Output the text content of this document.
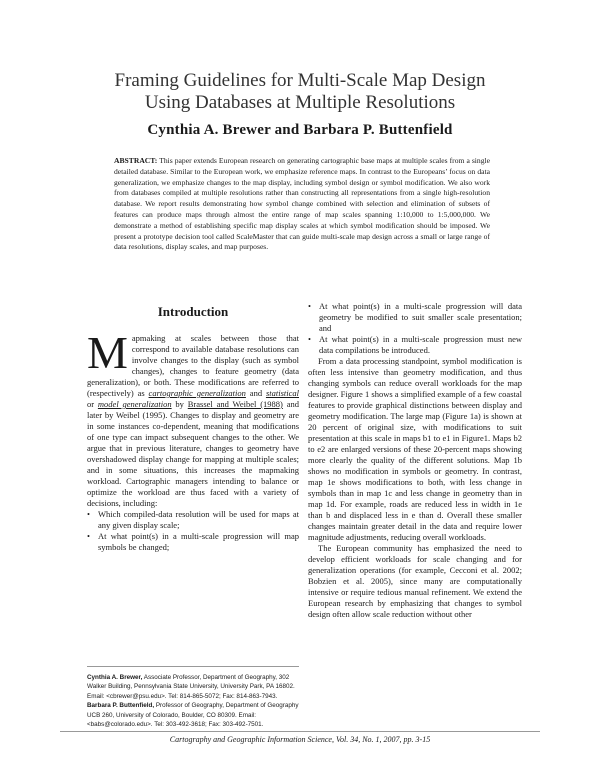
Framing Guidelines for Multi-Scale Map Design
Using Databases at Multiple Resolutions
Cynthia A. Brewer and Barbara P. Buttenfield
ABSTRACT: This paper extends European research on generating cartographic base maps at multiple scales from a single detailed database. Similar to the European work, we emphasize reference maps. In contrast to the Europeans’ focus on data generalization, we emphasize changes to the map display, including symbol design or symbol modification. We also work from databases compiled at multiple resolutions rather than constructing all representations from a single high-resolution database. We report results demonstrating how symbol change combined with selection and elimination of subsets of features can produce maps through almost the entire range of map scales spanning 1:10,000 to 1:5,000,000. We demonstrate a method of establishing specific map display scales at which symbol modification should be imposed. We present a prototype decision tool called ScaleMaster that can guide multi-scale map design across a small or large range of data resolutions, display scales, and map purposes.
Introduction
Mapmaking at scales between those that correspond to available database resolutions can involve changes to the display (such as symbol changes), changes to feature geometry (data generalization), or both. These modifications are referred to (respectively) as cartographic generalization and statistical or model generalization by Brassel and Weibel (1988) and later by Weibel (1995). Changes to display and geometry are in some instances co-dependent, meaning that modifications of one type can impact subsequent changes to the other. We argue that in previous literature, changes to geometry have overshadowed display change for mapping at multiple scales; and in some situations, this increases the mapmaking workload. Cartographic managers intending to balance or optimize the workload are thus faced with a variety of decisions, including:
• Which compiled-data resolution will be used for maps at any given display scale;
• At what point(s) in a multi-scale progression will map symbols be changed;
• At what point(s) in a multi-scale progression will data geometry be modified to suit smaller scale presentation; and
• At what point(s) in a multi-scale progression must new data compilations be introduced.

From a data processing standpoint, symbol modification is often less intensive than geometry modification, and thus changing symbols can reduce overall workloads for the map designer. Figure 1 shows a simplified example of a few coastal features to provide graphical distinctions between display and geometry modification. The large map (Figure 1a) is shown at 20 percent of original size, with modifications to suit presentation at this scale in maps b1 to e1 in Figure1. Maps b2 to e2 are enlarged versions of these 20-percent maps showing more clearly the quality of the different solutions. Map 1b shows no modification in symbols or geometry. In contrast, map 1e shows modifications to both, with less change in symbols than in map 1c and less change in geometry than in map 1d. For example, roads are reduced less in width in 1e than b and displaced less in e than d. Overall these smaller changes maintain greater detail in the data and require lower magnitude adjustments, reducing overall workloads.

The European community has emphasized the need to develop efficient workloads for scale changing and for generalization operations (for example, Cecconi et al. 2002; Bobzien et al. 2005), since many are computationally intensive or require tedious manual refinement. We extend the European research by emphasizing that changes to symbol design often allow scale reduction without other

Cynthia A. Brewer, Associate Professor, Department of Geography, 302 Walker Building, Pennsylvania State University, University Park, PA 16802. Email: <cbrewer@psu.edu>. Tel: 814-865-5072; Fax: 814-863-7943. Barbara P. Buttenfield, Professor of Geography, Department of Geography UCB 260, University of Colorado, Boulder, CO 80309. Email: <babs@colorado.edu>. Tel: 303-492-3618; Fax: 303-492-7501.
Cartography and Geographic Information Science, Vol. 34, No. 1, 2007, pp. 3-15
